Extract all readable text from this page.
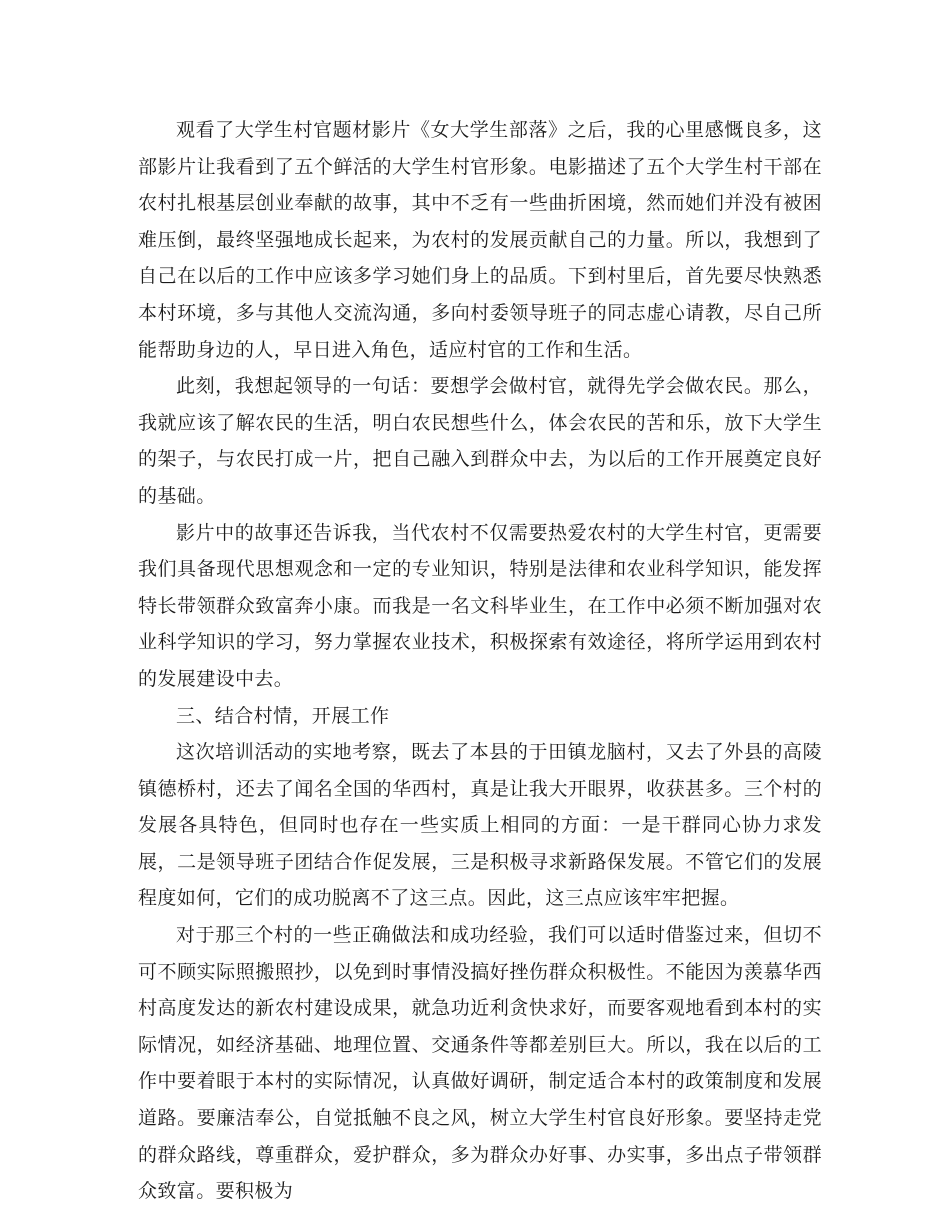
观看了大学生村官题材影片《女大学生部落》之后，我的心里感慨良多，这部影片让我看到了五个鲜活的大学生村官形象。电影描述了五个大学生村干部在农村扎根基层创业奉献的故事，其中不乏有一些曲折困境，然而她们并没有被困难压倒，最终坚强地成长起来，为农村的发展贡献自己的力量。所以，我想到了自己在以后的工作中应该多学习她们身上的品质。下到村里后，首先要尽快熟悉本村环境，多与其他人交流沟通，多向村委领导班子的同志虚心请教，尽自己所能帮助身边的人，早日进入角色，适应村官的工作和生活。

此刻，我想起领导的一句话：要想学会做村官，就得先学会做农民。那么，我就应该了解农民的生活，明白农民想些什么，体会农民的苦和乐，放下大学生的架子，与农民打成一片，把自己融入到群众中去，为以后的工作开展奠定良好的基础。

影片中的故事还告诉我，当代农村不仅需要热爱农村的大学生村官，更需要我们具备现代思想观念和一定的专业知识，特别是法律和农业科学知识，能发挥特长带领群众致富奔小康。而我是一名文科毕业生，在工作中必须不断加强对农业科学知识的学习，努力掌握农业技术，积极探索有效途径，将所学运用到农村的发展建设中去。

三、结合村情，开展工作

这次培训活动的实地考察，既去了本县的于田镇龙脑村，又去了外县的高陵镇德桥村，还去了闻名全国的华西村，真是让我大开眼界，收获甚多。三个村的发展各具特色，但同时也存在一些实质上相同的方面：一是干群同心协力求发展，二是领导班子团结合作促发展，三是积极寻求新路保发展。不管它们的发展程度如何，它们的成功脱离不了这三点。因此，这三点应该牢牢把握。

对于那三个村的一些正确做法和成功经验，我们可以适时借鉴过来，但切不可不顾实际照搬照抄，以免到时事情没搞好挫伤群众积极性。不能因为羡慕华西村高度发达的新农村建设成果，就急功近利贪快求好，而要客观地看到本村的实际情况，如经济基础、地理位置、交通条件等都差别巨大。所以，我在以后的工作中要着眼于本村的实际情况，认真做好调研，制定适合本村的政策制度和发展道路。要廉洁奉公，自觉抵触不良之风，树立大学生村官良好形象。要坚持走党的群众路线，尊重群众，爱护群众，多为群众办好事、办实事，多出点子带领群众致富。要积极为
